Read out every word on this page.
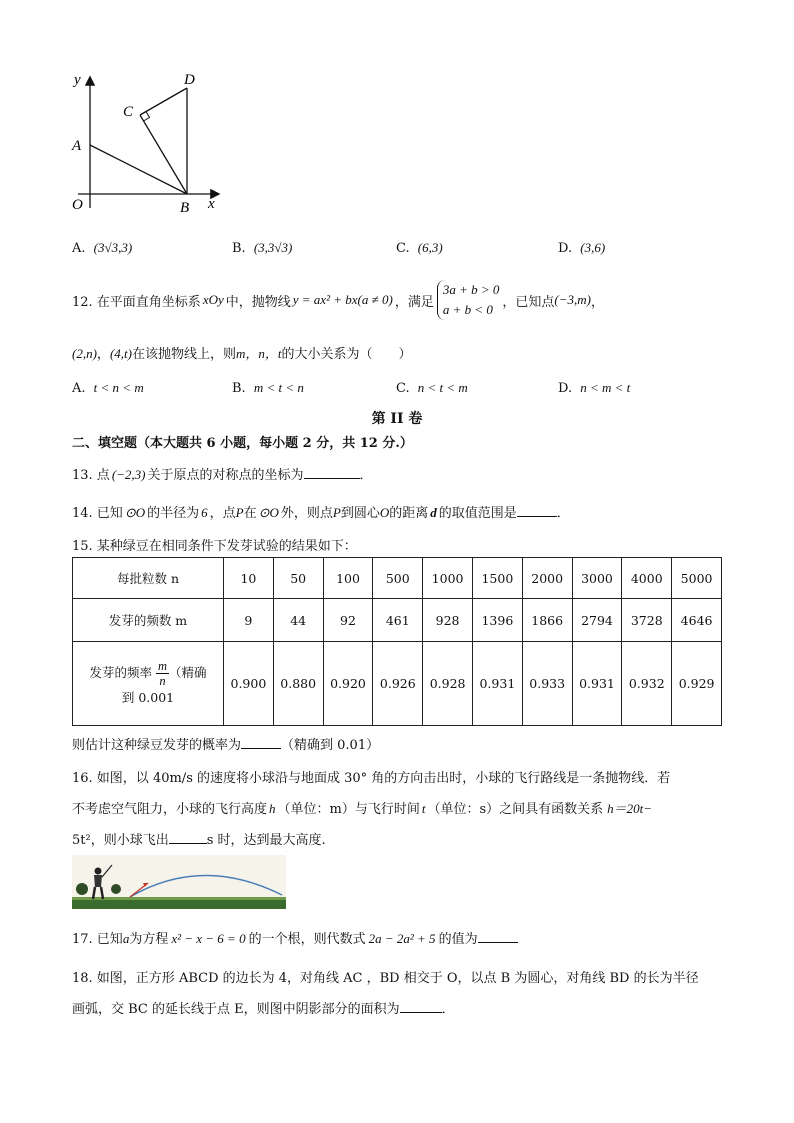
y	D
C
A
O	B x
A. (3√3,3)	B. (3,3√3)	C. (6,3)	D. (3,6)
12. 在平面直角坐标系 xOy 中，抛物线 y = ax² + bx(a ≠ 0) ，满足
3a + b > 0
a + b < 0 ，已知点 (−3,m) ，
(2,n)，(4,t)在该抛物线上，则m，n，t的大小关系为（　　）
A. t < n < m	B. m < t < n	C. n < t < m	D. n < m < t
第 II 卷
二、填空题（本大题共 6 小题，每小题 2 分，共 12 分.）
13. 点 (−2,3) 关于原点的对称点的坐标为	．
14. 已知 ⊙O 的半径为 6 ，点P在 ⊙O 外，则点P到圆心O的距离 d 的取值范围是	．
15. 某种绿豆在相同条件下发芽试验的结果如下：
每批粒数 n	10	50	100	500	1000	1500	2000	3000	4000	5000
发芽的频数 m	9	44	92	461	928	1396	1866	2794	3728	4646
发芽的频率 $\frac{m}{n}$ （精确
到 0.001	0.900	0.880	0.920	0.926	0.928	0.931	0.933	0.931	0.932	0.929
则估计这种绿豆发芽的概率为	（精确到 0.01）
16. 如图，以 40m/s 的速度将小球沿与地面成 30° 角的方向击出时，小球的飞行路线是一条抛物线．若
不考虑空气阻力，小球的飞行高度 h （单位：m）与飞行时间 t （单位：s）之间具有函数关系 h＝20t−
5t²，则小球飞出	s 时，达到最大高度.
17. 已知a为方程 x² − x − 6 = 0 的一个根，则代数式 2a − 2a² + 5 的值为
18. 如图，正方形 ABCD 的边长为 4，对角线 AC ，BD 相交于 O，以点 B 为圆心，对角线 BD 的长为半径
画弧，交 BC 的延长线于点 E，则图中阴影部分的面积为	．
